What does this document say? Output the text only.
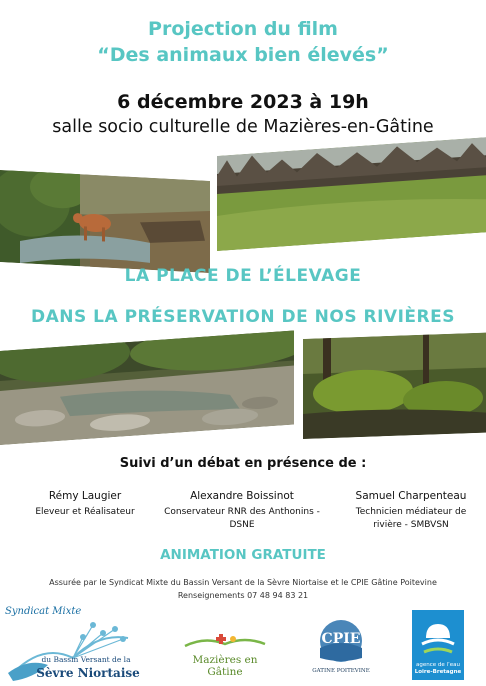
Projection du film
“Des animaux bien élevés”
6 décembre 2023 à 19h
salle socio culturelle de Mazières-en-Gâtine
LA PLACE DE L’ÉLEVAGE
DANS LA PRÉSERVATION DE NOS RIVIÈRES
Suivi d’un débat en présence de :
Rémy Laugier
Eleveur et Réalisateur
Alexandre Boissinot
Conservateur RNR des Anthonins -
DSNE
Samuel Charpenteau
Technicien médiateur de
rivière - SMBVSN
ANIMATION GRATUITE
Assurée par le Syndicat Mixte du Bassin Versant de la Sèvre Niortaise et le CPIE Gâtine Poitevine
Renseignements 07 48 94 83 21
Syndicat Mixte
du Bassin Versant de la
Sèvre Niortaise
Mazières en Gâtine
CPIE
GATINE POITEVINE
agence de l’eau
Loire-Bretagne
